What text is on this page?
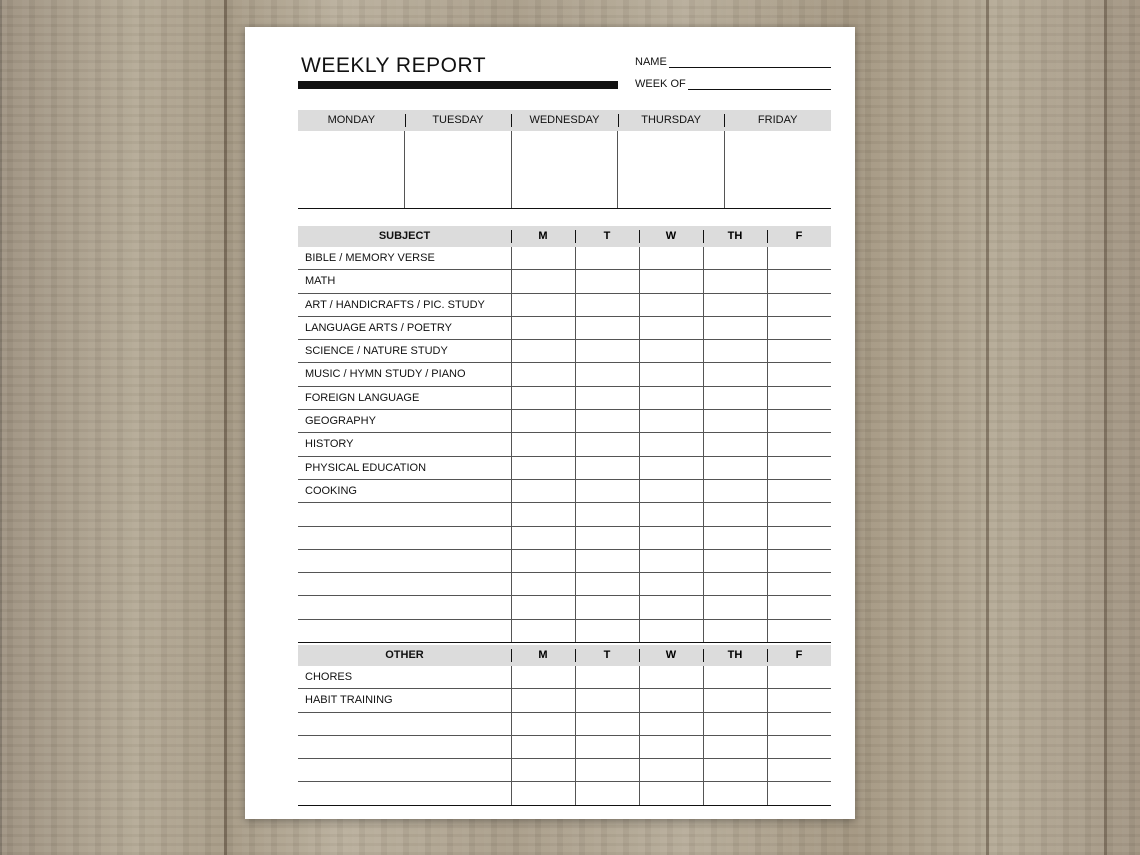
WEEKLY REPORT	NAME
WEEK OF
MONDAY	TUESDAY	WEDNESDAY	THURSDAY	FRIDAY
SUBJECT	M	T	W	TH	F
BIBLE / MEMORY VERSE
MATH
ART / HANDICRAFTS / PIC. STUDY
LANGUAGE ARTS / POETRY
SCIENCE / NATURE STUDY
MUSIC / HYMN STUDY / PIANO
FOREIGN LANGUAGE
GEOGRAPHY
HISTORY
PHYSICAL EDUCATION
COOKING
OTHER	M	T	W	TH	F
CHORES
HABIT TRAINING
